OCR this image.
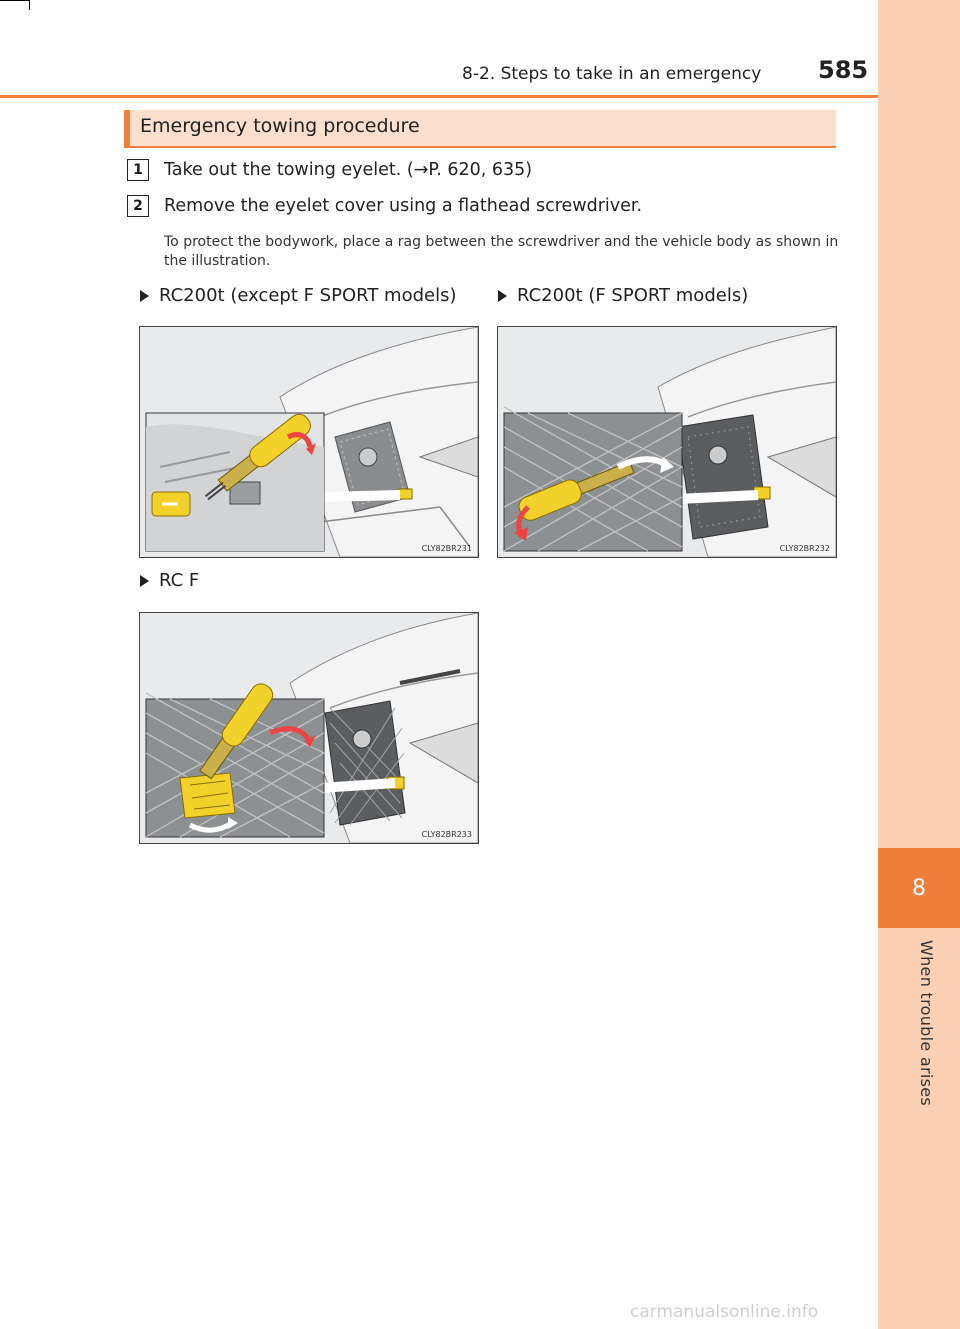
8
When trouble arises
8-2. Steps to take in an emergency 585
Emergency towing procedure
1	Take out the towing eyelet. (→P. 620, 635)
2	Remove the eyelet cover using a flathead screwdriver.
To protect the bodywork, place a rag between the screwdriver and the vehicle body as shown in the illustration.
RC200t (except F SPORT models)
CLY82BR231
RC200t (F SPORT models)
CLY82BR232
RC F
CLY82BR233
carmanualsonline.info
